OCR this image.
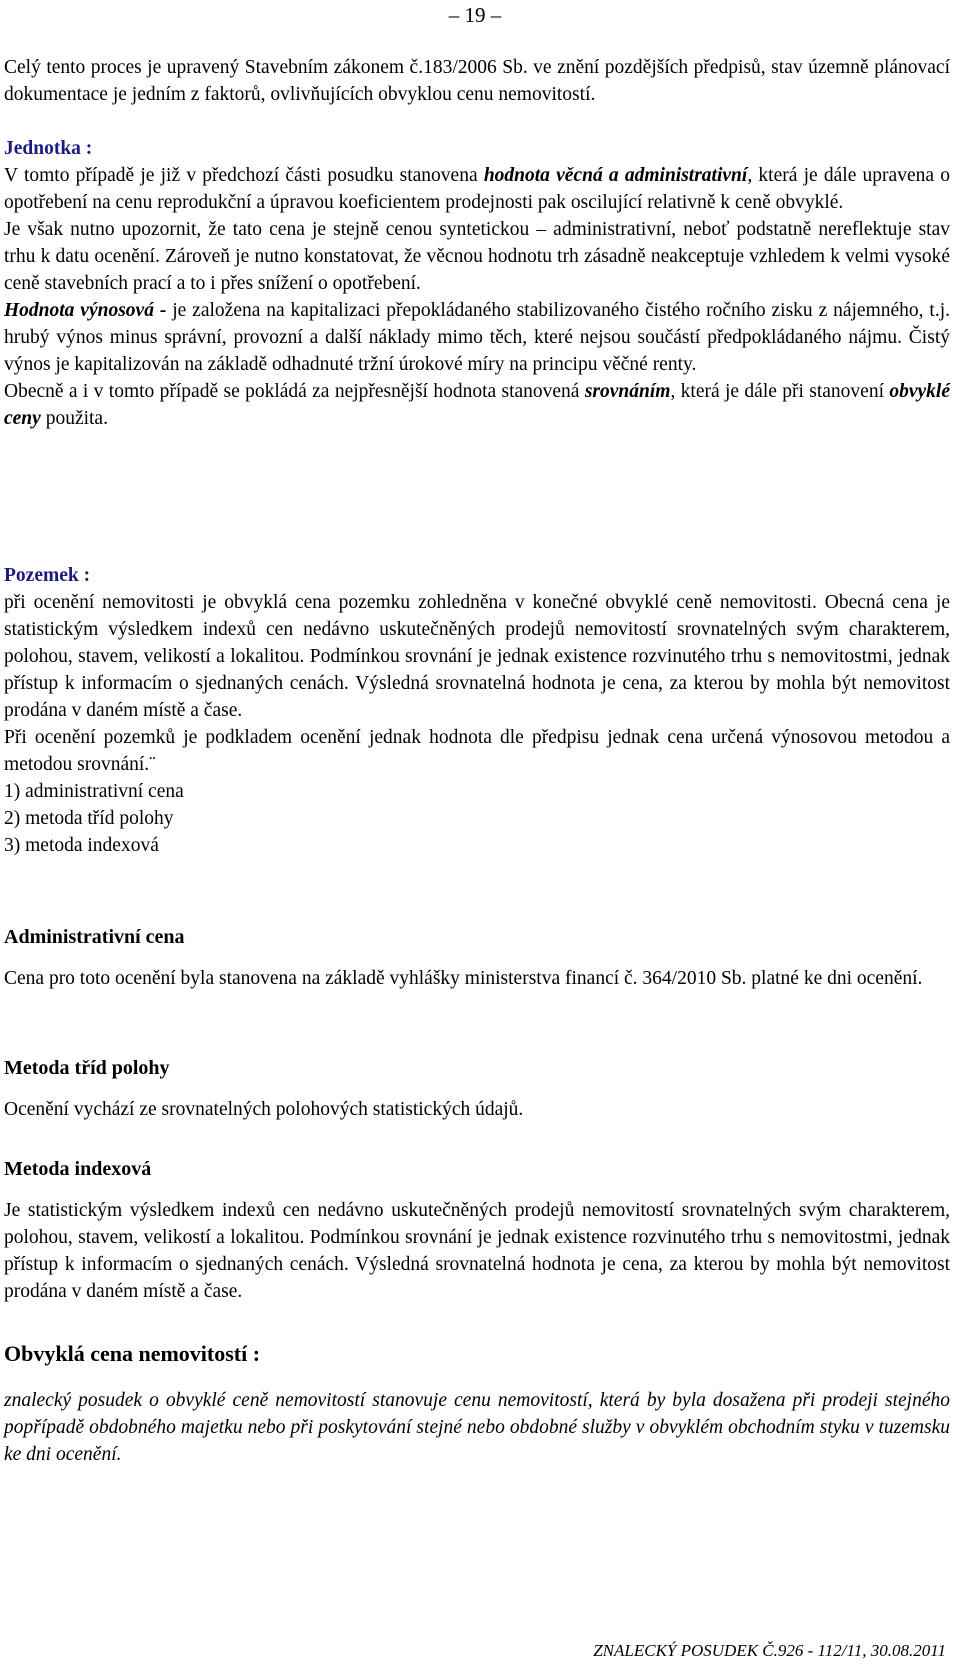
– 19 –

Celý tento proces je upravený Stavebním zákonem č.183/2006 Sb. ve znění pozdějších předpisů, stav územně plánovací dokumentace je jedním z faktorů, ovlivňujících obvyklou cenu nemovitostí.

Jednotka :

V tomto případě je již v předchozí části posudku stanovena hodnota věcná a administrativní, která je dále upravena o opotřebení na cenu reprodukční a úpravou koeficientem prodejnosti pak oscilující relativně k ceně obvyklé.

Je však nutno upozornit, že tato cena je stejně cenou syntetickou – administrativní, neboť podstatně nereflektuje stav trhu k datu ocenění. Zároveň je nutno konstatovat, že věcnou hodnotu trh zásadně neakceptuje vzhledem k velmi vysoké ceně stavebních prací a to i přes snížení o opotřebení.

Hodnota výnosová - je založena na kapitalizaci přepokládaného stabilizovaného čistého ročního zisku z nájemného, t.j. hrubý výnos minus správní, provozní a další náklady mimo těch, které nejsou součástí předpokládaného nájmu. Čistý výnos je kapitalizován na základě odhadnuté tržní úrokové míry na principu věčné renty.

Obecně a i v tomto případě se pokládá za nejpřesnější hodnota stanovená srovnáním, která je dále při stanovení obvyklé ceny použita.

Pozemek :

při ocenění nemovitosti je obvyklá cena pozemku zohledněna v konečné obvyklé ceně nemovitosti. Obecná cena je statistickým výsledkem indexů cen nedávno uskutečněných prodejů nemovitostí srovnatelných svým charakterem, polohou, stavem, velikostí a lokalitou. Podmínkou srovnání je jednak existence rozvinutého trhu s nemovitostmi, jednak přístup k informacím o sjednaných cenách. Výsledná srovnatelná hodnota je cena, za kterou by mohla být nemovitost prodána v daném místě a čase.

Při ocenění pozemků je podkladem ocenění jednak hodnota dle předpisu jednak cena určená výnosovou metodou a metodou srovnání.¨

1) administrativní cena

2) metoda tříd polohy

3) metoda indexová

Administrativní cena

Cena pro toto ocenění byla stanovena na základě vyhlášky ministerstva financí č. 364/2010 Sb. platné ke dni ocenění.

Metoda tříd polohy

Ocenění vychází ze srovnatelných polohových statistických údajů.

Metoda indexová

Je statistickým výsledkem indexů cen nedávno uskutečněných prodejů nemovitostí srovnatelných svým charakterem, polohou, stavem, velikostí a lokalitou. Podmínkou srovnání je jednak existence rozvinutého trhu s nemovitostmi, jednak přístup k informacím o sjednaných cenách. Výsledná srovnatelná hodnota je cena, za kterou by mohla být nemovitost prodána v daném místě a čase.

Obvyklá cena nemovitostí :

znalecký posudek o obvyklé ceně nemovitostí stanovuje cenu nemovitostí, která by byla dosažena při prodeji stejného popřípadě obdobného majetku nebo při poskytování stejné nebo obdobné služby v obvyklém obchodním styku v tuzemsku ke dni ocenění.

ZNALECKÝ POSUDEK Č.926 - 112/11, 30.08.2011
